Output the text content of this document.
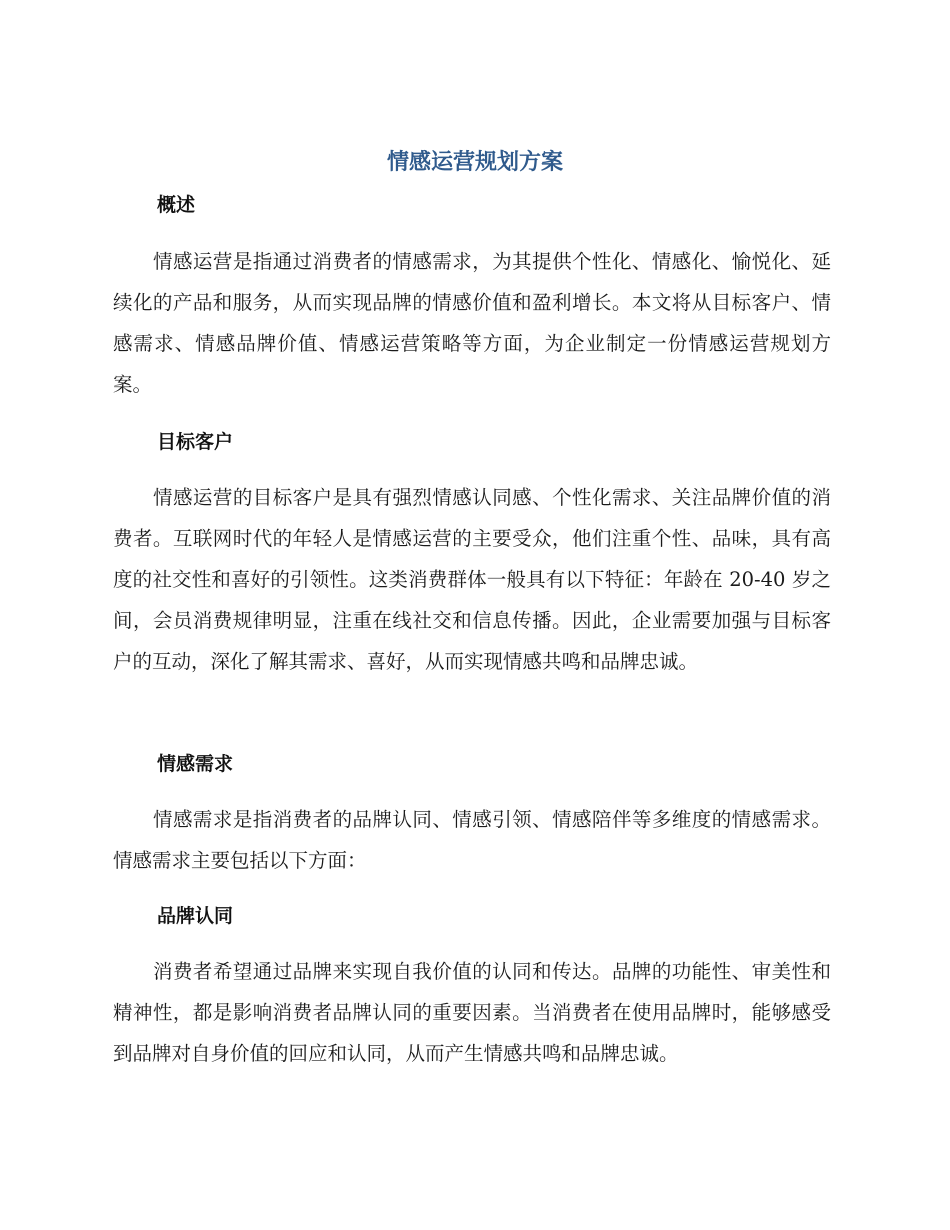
情感运营规划方案
概述

情感运营是指通过消费者的情感需求，为其提供个性化、情感化、愉悦化、延续化的产品和服务，从而实现品牌的情感价值和盈利增长。本文将从目标客户、情感需求、情感品牌价值、情感运营策略等方面，为企业制定一份情感运营规划方案。

目标客户

情感运营的目标客户是具有强烈情感认同感、个性化需求、关注品牌价值的消费者。互联网时代的年轻人是情感运营的主要受众，他们注重个性、品味，具有高度的社交性和喜好的引领性。这类消费群体一般具有以下特征：年龄在 20-40 岁之间，会员消费规律明显，注重在线社交和信息传播。因此，企业需要加强与目标客户的互动，深化了解其需求、喜好，从而实现情感共鸣和品牌忠诚。

情感需求

情感需求是指消费者的品牌认同、情感引领、情感陪伴等多维度的情感需求。情感需求主要包括以下方面：

品牌认同

消费者希望通过品牌来实现自我价值的认同和传达。品牌的功能性、审美性和精神性，都是影响消费者品牌认同的重要因素。当消费者在使用品牌时，能够感受到品牌对自身价值的回应和认同，从而产生情感共鸣和品牌忠诚。
